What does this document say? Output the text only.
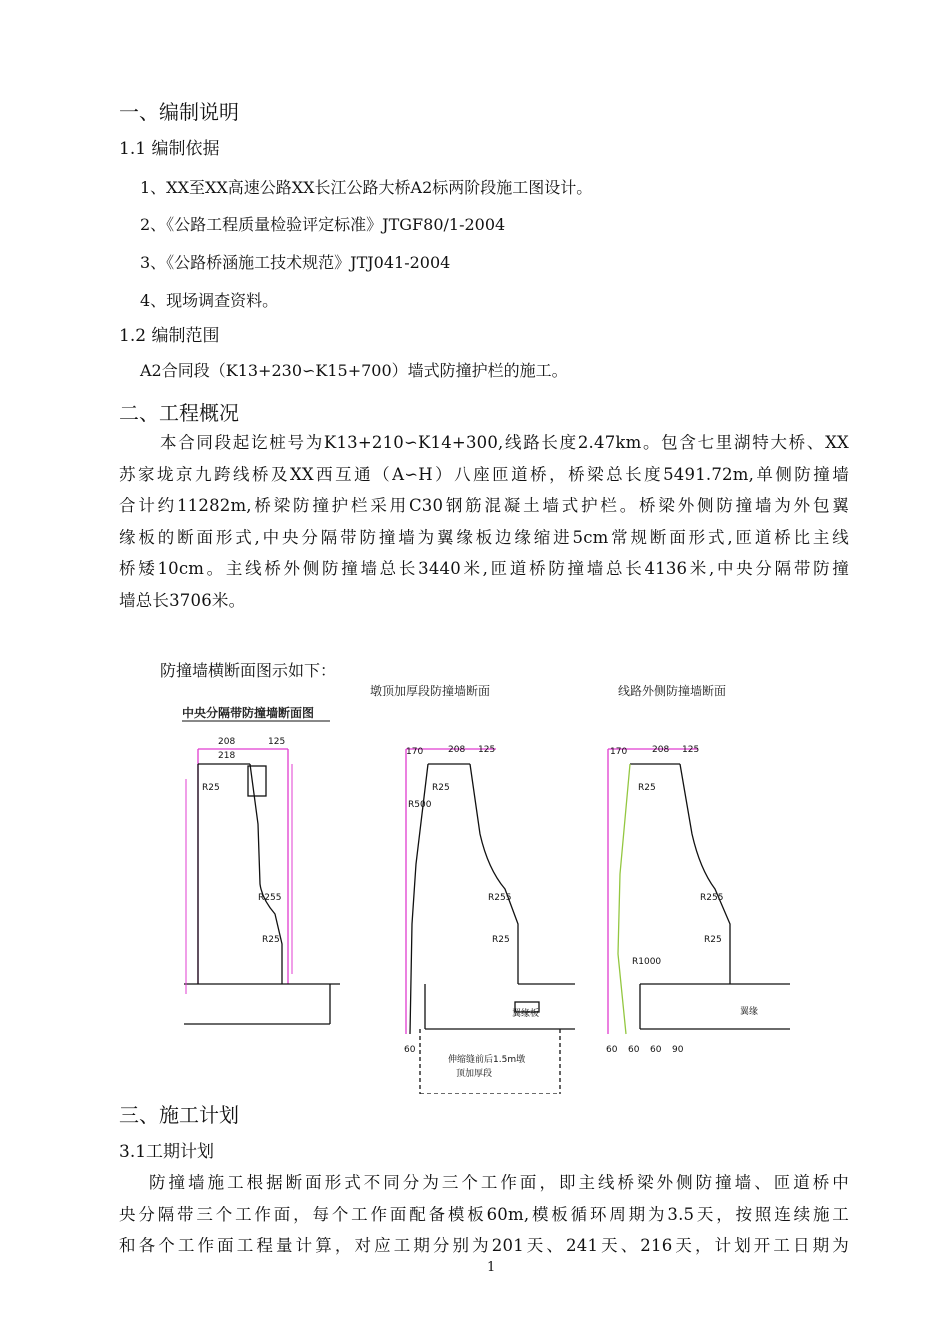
一、编制说明
1.1 编制依据
1、XX至XX高速公路XX长江公路大桥A2标两阶段施工图设计。
2、《公路工程质量检验评定标准》JTGF80/1-2004
3、《公路桥涵施工技术规范》JTJ041-2004
4、现场调查资料。
1.2 编制范围
A2合同段（K13+230∽K15+700）墙式防撞护栏的施工。
二、工程概况
本合同段起讫桩号为K13+210∽K14+300,线路长度2.47km。包含七里湖特大桥、XX
苏家垅京九跨线桥及XX西互通（A∽H）八座匝道桥，桥梁总长度5491.72m,单侧防撞墙
合计约11282m,桥梁防撞护栏采用C30钢筋混凝土墙式护栏。桥梁外侧防撞墙为外包翼
缘板的断面形式,中央分隔带防撞墙为翼缘板边缘缩进5cm常规断面形式,匝道桥比主线
桥矮10cm。主线桥外侧防撞墙总长3440米,匝道桥防撞墙总长4136米,中央分隔带防撞
墙总长3706米。
防撞墙横断面图示如下：
墩顶加厚段防撞墙断面	线路外侧防撞墙断面
中央分隔带防撞墙断面图
208
218
125
170	208 125	170	208 125
R500
R255
R25
R255
R25
R1000
R255
R25
R25	R25
R25
翼缘板	翼缘
伸缩缝前后1.5m墩
顶加厚段
60	60 60 60 90
三、施工计划
3.1工期计划
防撞墙施工根据断面形式不同分为三个工作面，即主线桥梁外侧防撞墙、匝道桥中
央分隔带三个工作面，每个工作面配备模板60m,模板循环周期为3.5天，按照连续施工
和各个工作面工程量计算，对应工期分别为201天、241天、216天，计划开工日期为
1
